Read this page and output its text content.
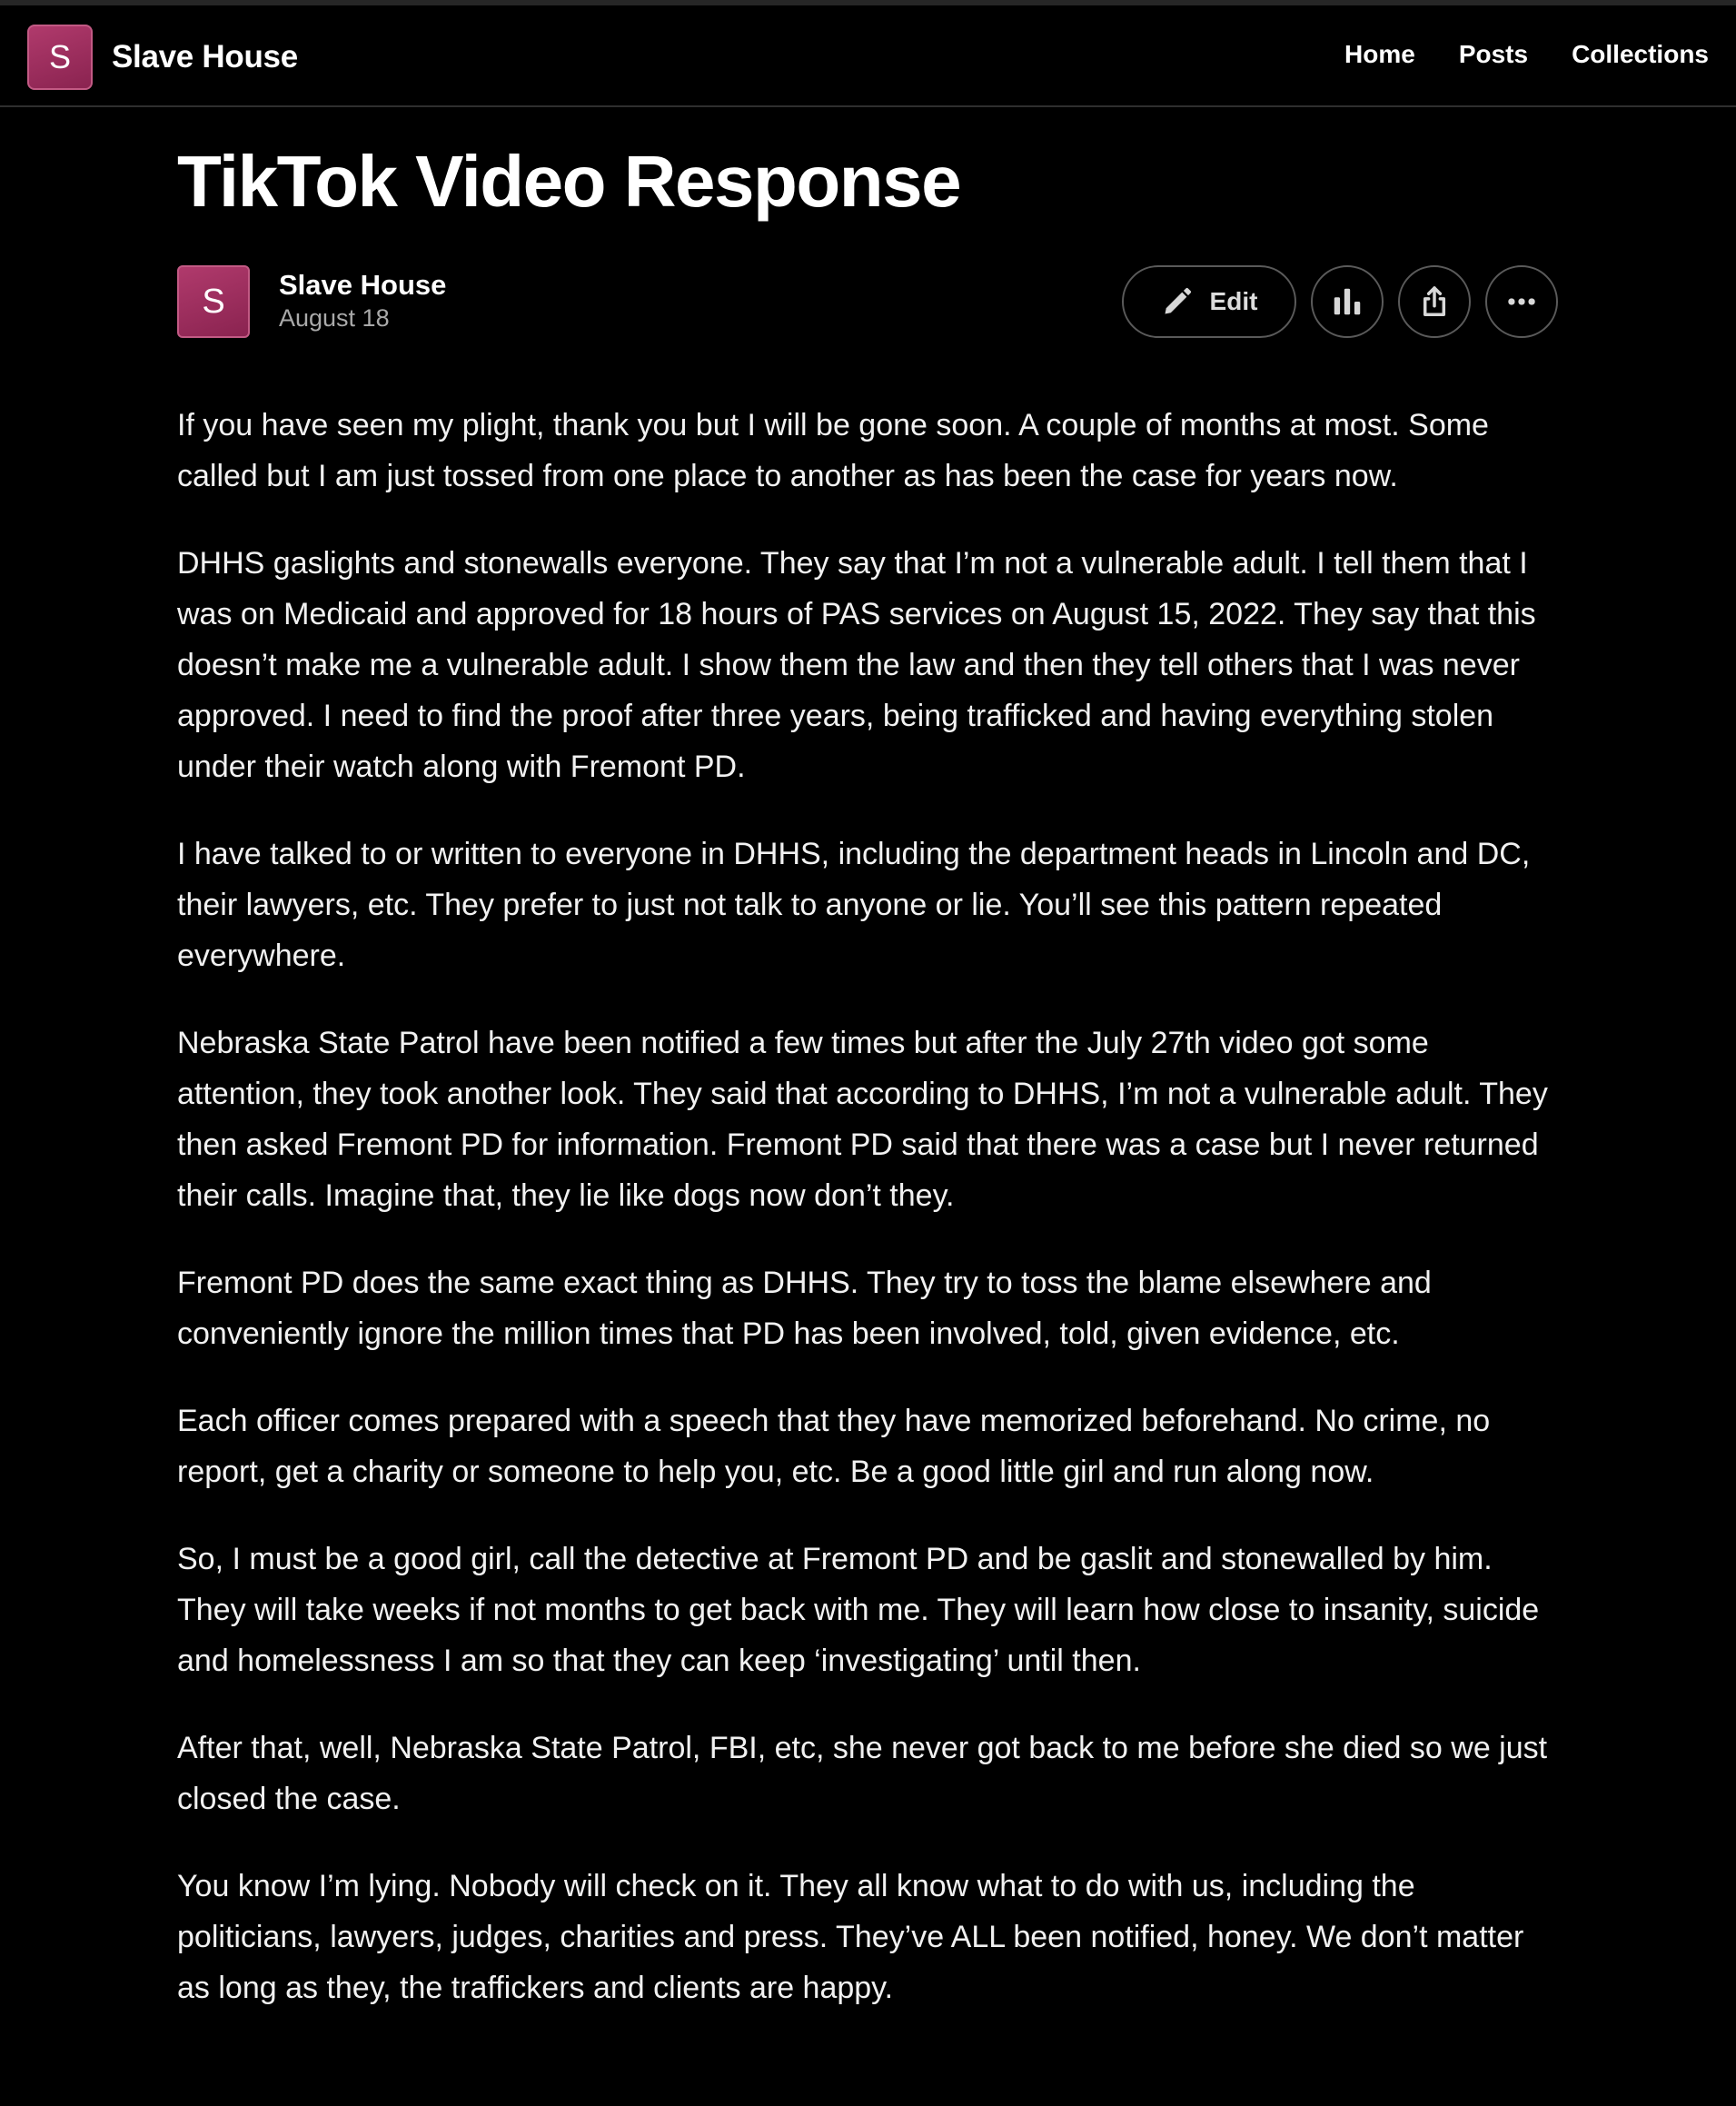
S	Slave House	Home Posts Collections
TikTok Video Response
S	Slave House
August 18
Edit

If you have seen my plight, thank you but I will be gone soon. A couple of months at most. Some called but I am just tossed from one place to another as has been the case for years now.

DHHS gaslights and stonewalls everyone. They say that I’m not a vulnerable adult. I tell them that I was on Medicaid and approved for 18 hours of PAS services on August 15, 2022. They say that this doesn’t make me a vulnerable adult. I show them the law and then they tell others that I was never approved. I need to find the proof after three years, being trafficked and having everything stolen under their watch along with Fremont PD.

I have talked to or written to everyone in DHHS, including the department heads in Lincoln and DC, their lawyers, etc. They prefer to just not talk to anyone or lie. You’ll see this pattern repeated everywhere.

Nebraska State Patrol have been notified a few times but after the July 27th video got some attention, they took another look. They said that according to DHHS, I’m not a vulnerable adult. They then asked Fremont PD for information. Fremont PD said that there was a case but I never returned their calls. Imagine that, they lie like dogs now don’t they.

Fremont PD does the same exact thing as DHHS. They try to toss the blame elsewhere and conveniently ignore the million times that PD has been involved, told, given evidence, etc.

Each officer comes prepared with a speech that they have memorized beforehand. No crime, no report, get a charity or someone to help you, etc. Be a good little girl and run along now.

So, I must be a good girl, call the detective at Fremont PD and be gaslit and stonewalled by him. They will take weeks if not months to get back with me. They will learn how close to insanity, suicide and homelessness I am so that they can keep ‘investigating’ until then.

After that, well, Nebraska State Patrol, FBI, etc, she never got back to me before she died so we just closed the case.

You know I’m lying. Nobody will check on it. They all know what to do with us, including the politicians, lawyers, judges, charities and press. They’ve ALL been notified, honey. We don’t matter as long as they, the traffickers and clients are happy.
